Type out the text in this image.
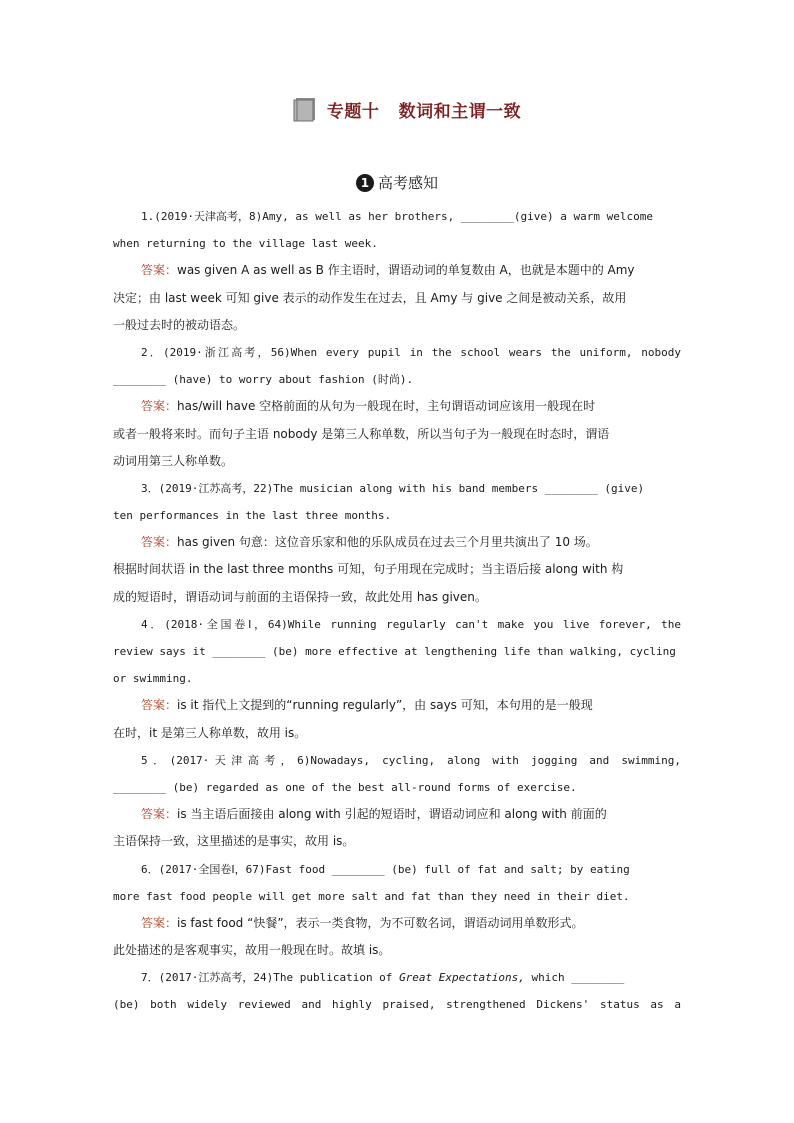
专题十   数词和主谓一致
1 高考感知
1.(2019·天津高考，8)Amy, as well as her brothers, ________(give) a warm welcome
when returning to the village last week.
答案：was given A as well as B 作主语时，谓语动词的单复数由 A，也就是本题中的 Amy
决定；由 last week 可知 give 表示的动作发生在过去，且 Amy 与 give 之间是被动关系，故用
一般过去时的被动语态。
2．(2019·浙江高考，56)When every pupil in the school wears the uniform, nobody
________ (have) to worry about fashion (时尚).
答案：has/will have 空格前面的从句为一般现在时，主句谓语动词应该用一般现在时
或者一般将来时。而句子主语 nobody 是第三人称单数，所以当句子为一般现在时态时，谓语
动词用第三人称单数。
3．(2019·江苏高考，22)The musician along with his band members ________ (give)
ten performances in the last three months.
答案：has given 句意：这位音乐家和他的乐队成员在过去三个月里共演出了 10 场。
根据时间状语 in the last three months 可知，句子用现在完成时；当主语后接 along with 构
成的短语时，谓语动词与前面的主语保持一致，故此处用 has given。
4．(2018·全国卷Ⅰ，64)While running regularly can't make you live forever, the
review says it ________ (be) more effective at lengthening life than walking, cycling
or swimming.
答案：is it 指代上文提到的“running regularly”，由 says 可知，本句用的是一般现
在时，it 是第三人称单数，故用 is。
5．(2017·天津高考，6)Nowadays, cycling, along with jogging and swimming,
________ (be) regarded as one of the best all-round forms of exercise.
答案：is 当主语后面接由 along with 引起的短语时，谓语动词应和 along with 前面的
主语保持一致，这里描述的是事实，故用 is。
6．(2017·全国卷Ⅰ，67)Fast food ________ (be) full of fat and salt; by eating
more fast food people will get more salt and fat than they need in their diet.
答案：is fast food “快餐”，表示一类食物，为不可数名词，谓语动词用单数形式。
此处描述的是客观事实，故用一般现在时。故填 is。
7．(2017·江苏高考，24)The publication of Great Expectations, which ________
(be) both widely reviewed and highly praised, strengthened Dickens' status as a
